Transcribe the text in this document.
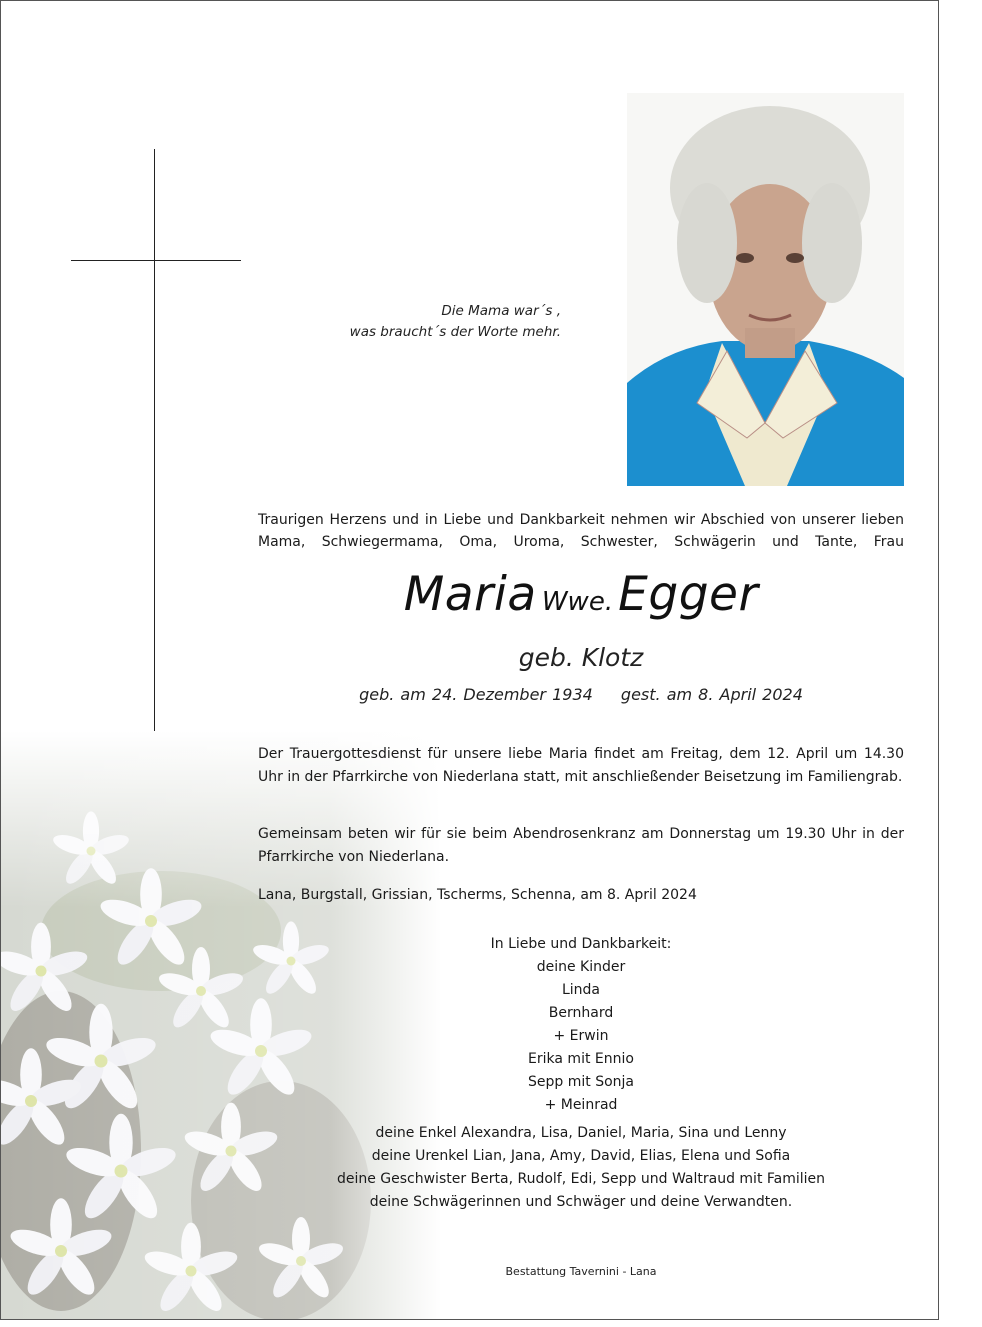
Die Mama war´s ,
was braucht´s der Worte mehr.
Traurigen Herzens und in Liebe und Dankbarkeit nehmen wir Abschied von unserer lieben Mama, Schwiegermama, Oma, Uroma, Schwester, Schwägerin und Tante, Frau
Maria Wwe. Egger
geb. Klotz
geb. am 24. Dezember 1934 gest. am 8. April 2024
Der Trauergottesdienst für unsere liebe Maria findet am Freitag, dem 12. April um 14.30 Uhr in der Pfarrkirche von Niederlana statt, mit anschließender Beisetzung im Familiengrab.
Gemeinsam beten wir für sie beim Abendrosenkranz am Donnerstag um 19.30 Uhr in der Pfarrkirche von Niederlana.
Lana, Burgstall, Grissian, Tscherms, Schenna, am 8. April 2024
In Liebe und Dankbarkeit:
deine Kinder
Linda
Bernhard
+ Erwin
Erika mit Ennio
Sepp mit Sonja
+ Meinrad
deine Enkel Alexandra, Lisa, Daniel, Maria, Sina und Lenny
deine Urenkel Lian, Jana, Amy, David, Elias, Elena und Sofia
deine Geschwister Berta, Rudolf, Edi, Sepp und Waltraud mit Familien
deine Schwägerinnen und Schwäger und deine Verwandten.
Bestattung Tavernini - Lana
